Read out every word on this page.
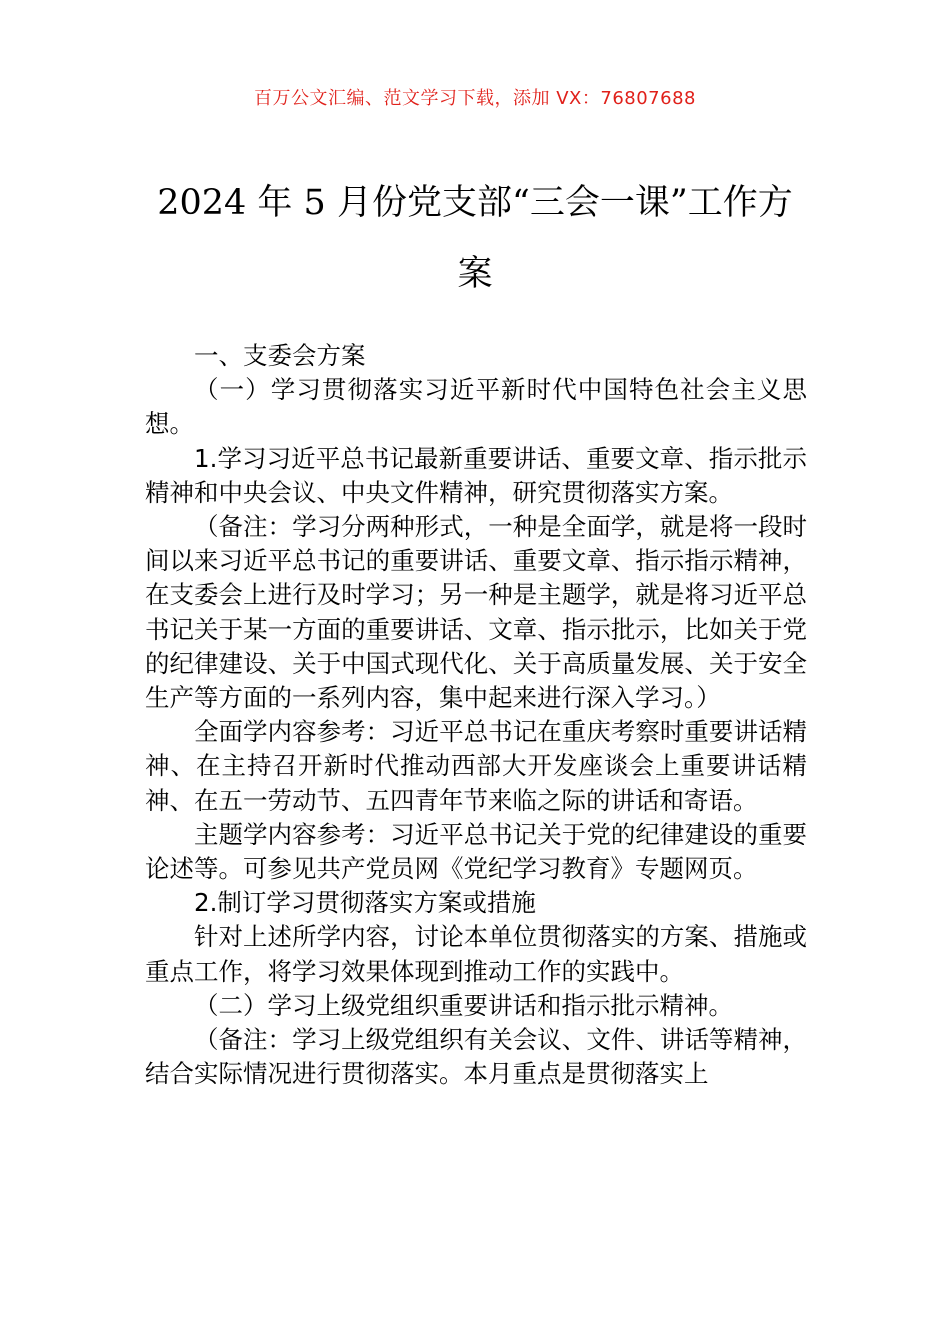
百万公文汇编、范文学习下载，添加 VX：76807688
2024 年 5 月份党支部“三会一课”工作方案

一、支委会方案

（一）学习贯彻落实习近平新时代中国特色社会主义思想。

1.学习习近平总书记最新重要讲话、重要文章、指示批示精神和中央会议、中央文件精神，研究贯彻落实方案。

（备注：学习分两种形式，一种是全面学，就是将一段时间以来习近平总书记的重要讲话、重要文章、指示指示精神，在支委会上进行及时学习；另一种是主题学，就是将习近平总书记关于某一方面的重要讲话、文章、指示批示，比如关于党的纪律建设、关于中国式现代化、关于高质量发展、关于安全生产等方面的一系列内容，集中起来进行深入学习。）

全面学内容参考：习近平总书记在重庆考察时重要讲话精神、在主持召开新时代推动西部大开发座谈会上重要讲话精神、在五一劳动节、五四青年节来临之际的讲话和寄语。

主题学内容参考：习近平总书记关于党的纪律建设的重要论述等。可参见共产党员网《党纪学习教育》专题网页。

2.制订学习贯彻落实方案或措施

针对上述所学内容，讨论本单位贯彻落实的方案、措施或重点工作，将学习效果体现到推动工作的实践中。

（二）学习上级党组织重要讲话和指示批示精神。

（备注：学习上级党组织有关会议、文件、讲话等精神，结合实际情况进行贯彻落实。本月重点是贯彻落实上
